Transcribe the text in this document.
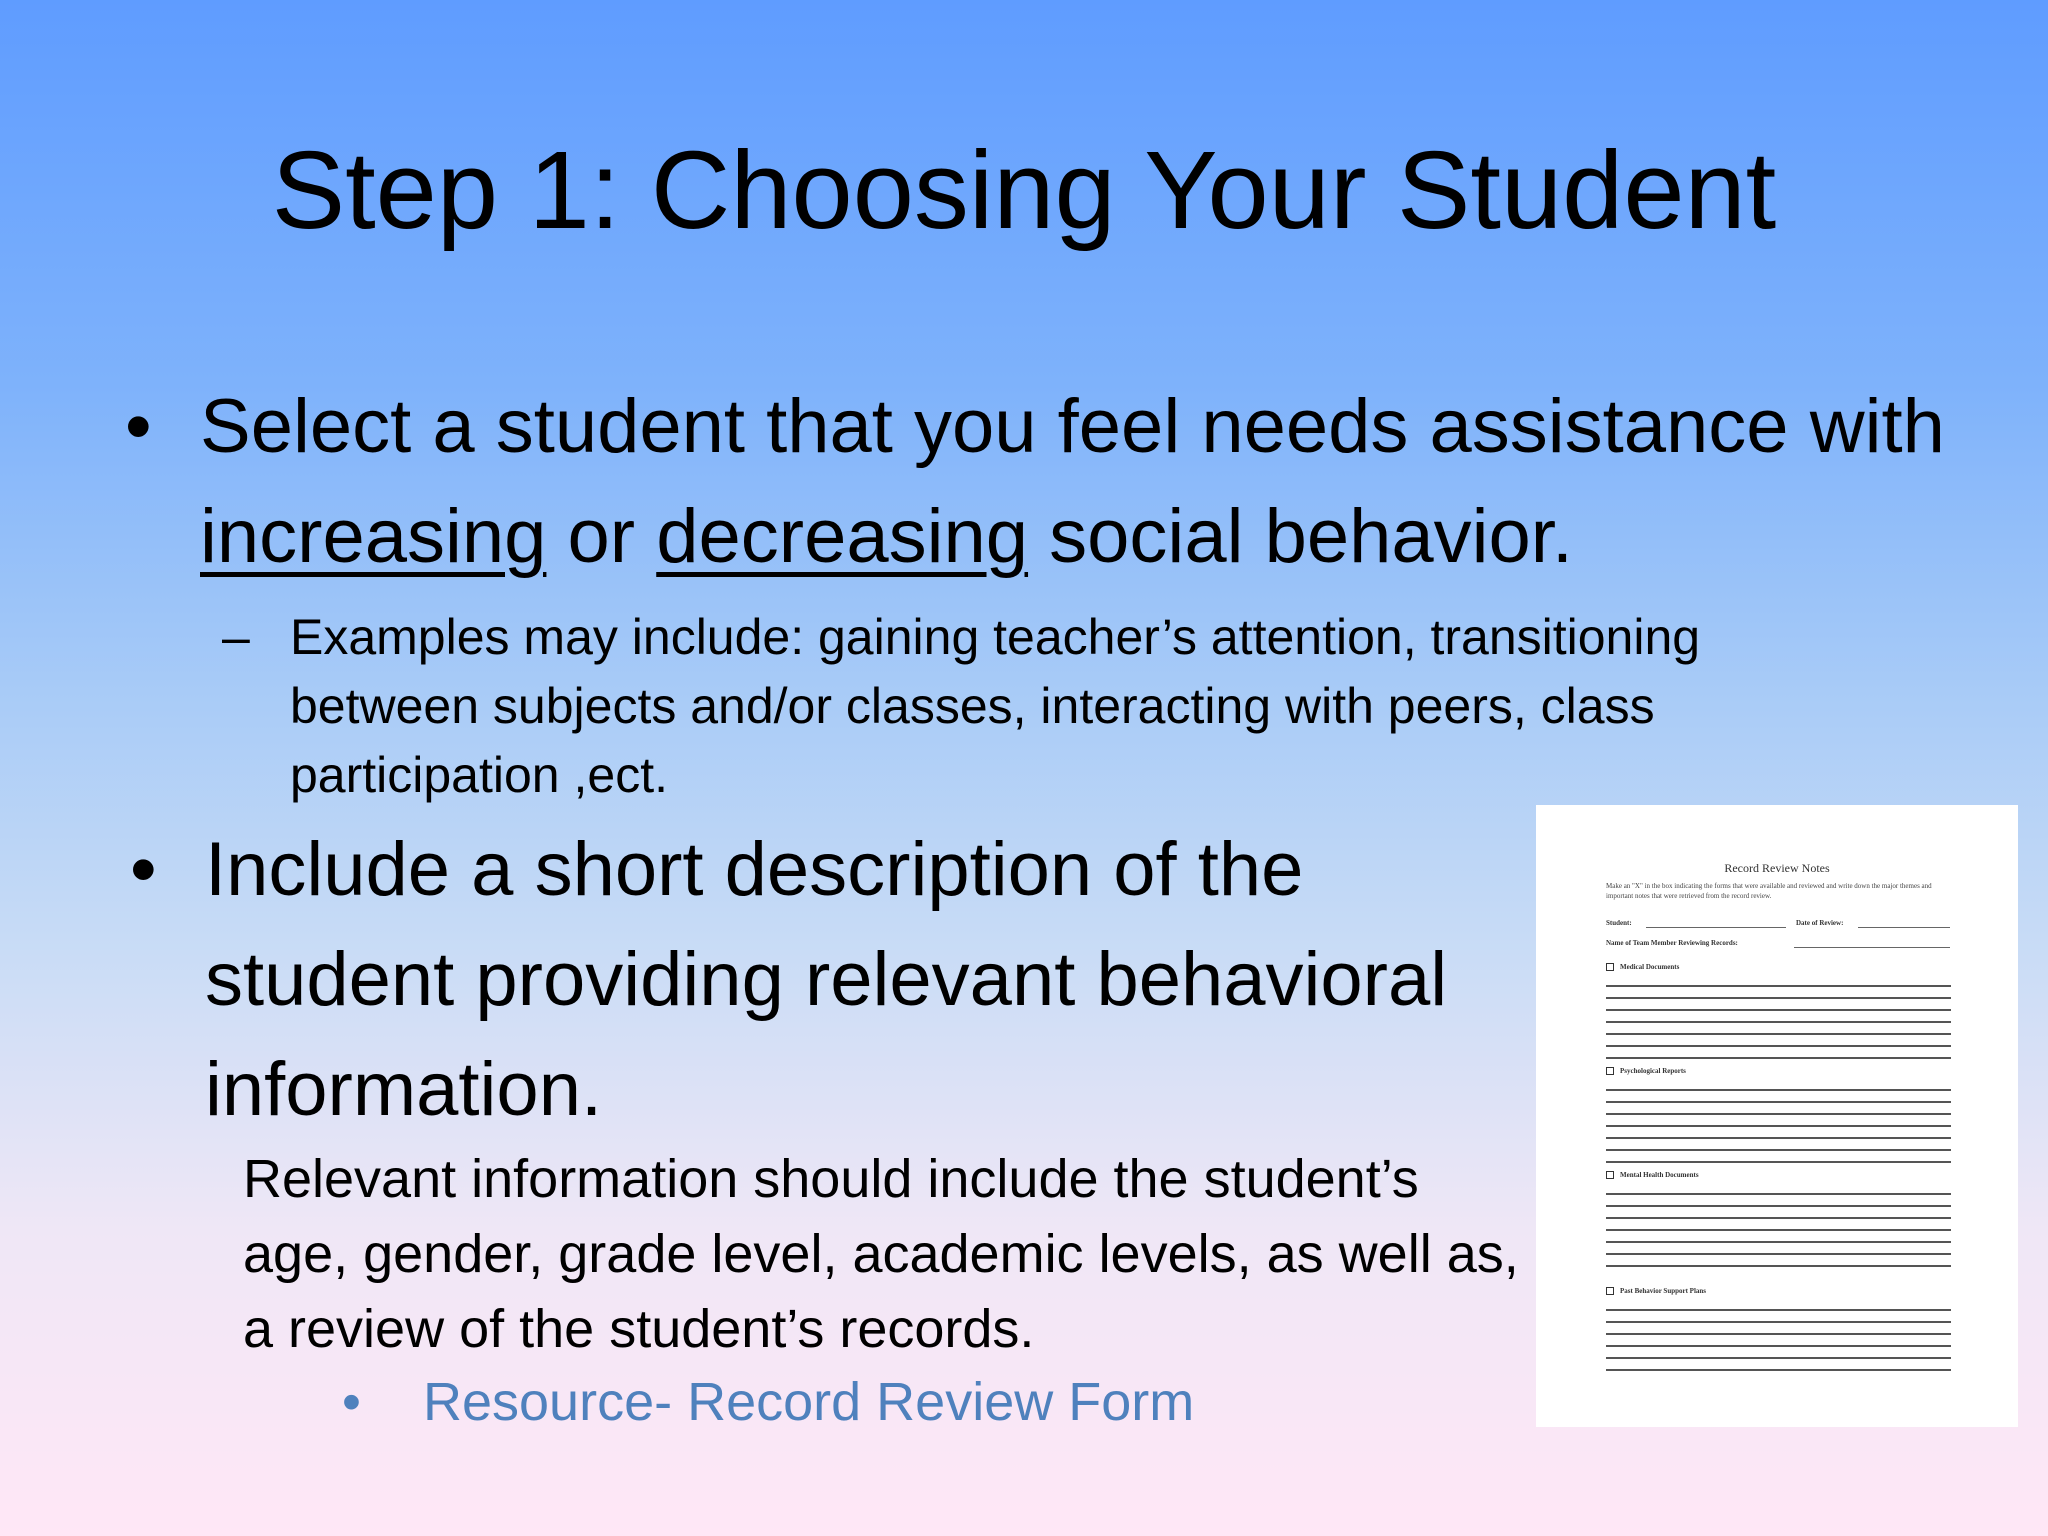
Step 1: Choosing Your Student
• Select a student that you feel needs assistance with increasing or decreasing social behavior.
– Examples may include: gaining teacher’s attention, transitioning between subjects and/or classes, interacting with peers, class participation ,ect.
• Include a short description of the student providing relevant behavioral information.
Relevant information should include the student’s age, gender, grade level, academic levels, as well as, a review of the student’s records.
• Resource- Record Review Form
Record Review Notes
Make an "X" in the box indicating the forms that were available and reviewed and write down the major themes and important notes that were retrieved from the record review.
Student:	Date of Review:
Name of Team Member Reviewing Records:
Medical Documents
Psychological Reports
Mental Health Documents
Past Behavior Support Plans
